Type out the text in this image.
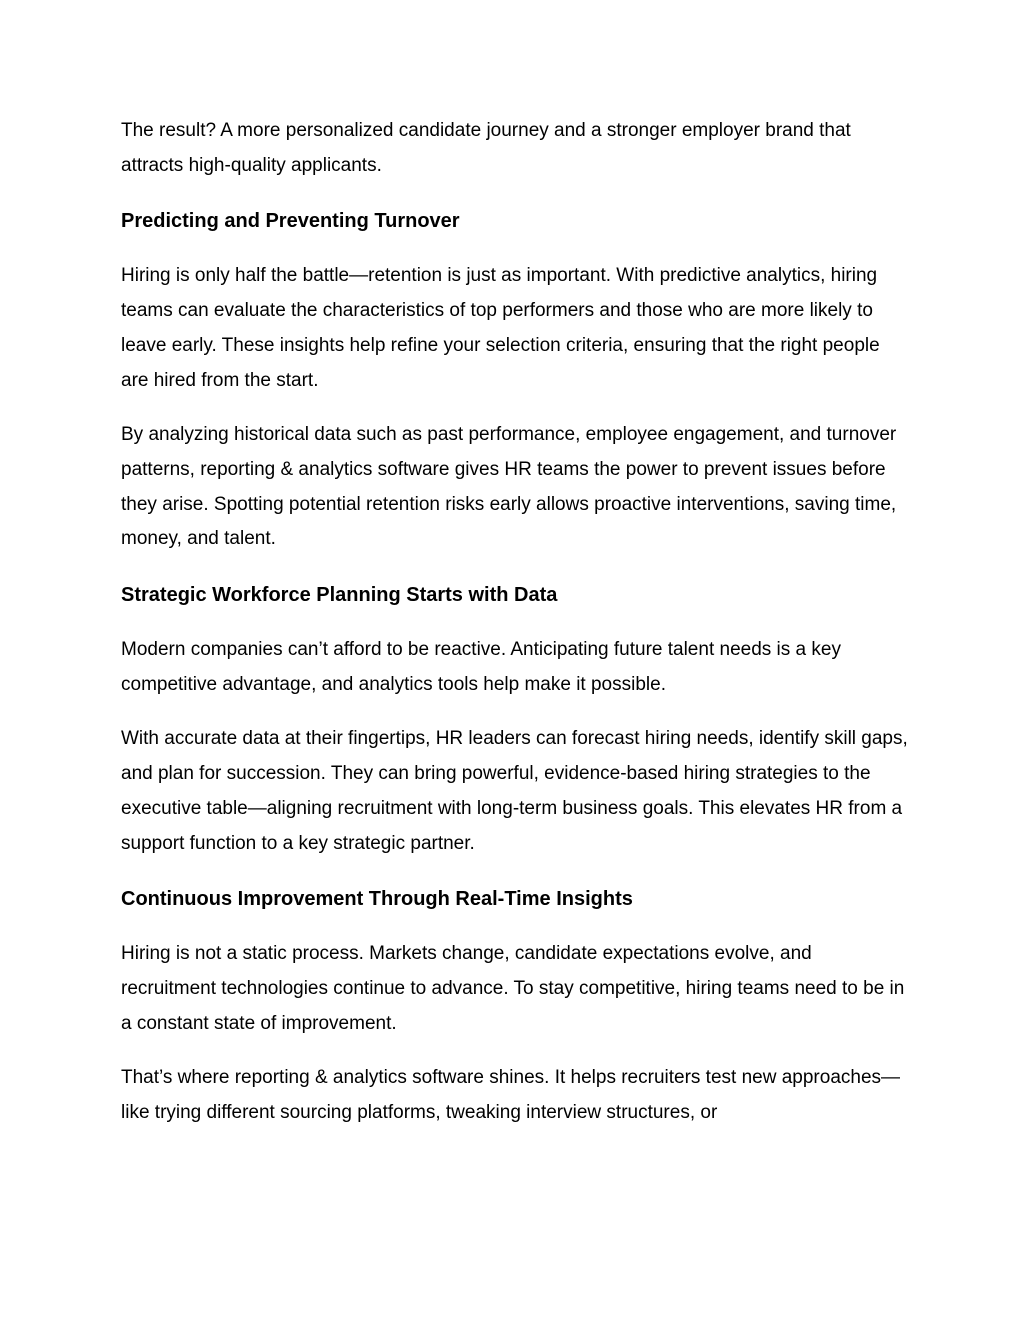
The result? A more personalized candidate journey and a stronger employer brand that attracts high-quality applicants.

Predicting and Preventing Turnover

Hiring is only half the battle—retention is just as important. With predictive analytics, hiring teams can evaluate the characteristics of top performers and those who are more likely to leave early. These insights help refine your selection criteria, ensuring that the right people are hired from the start.

By analyzing historical data such as past performance, employee engagement, and turnover patterns, reporting & analytics software gives HR teams the power to prevent issues before they arise. Spotting potential retention risks early allows proactive interventions, saving time, money, and talent.

Strategic Workforce Planning Starts with Data

Modern companies can’t afford to be reactive. Anticipating future talent needs is a key competitive advantage, and analytics tools help make it possible.

With accurate data at their fingertips, HR leaders can forecast hiring needs, identify skill gaps, and plan for succession. They can bring powerful, evidence-based hiring strategies to the executive table—aligning recruitment with long-term business goals. This elevates HR from a support function to a key strategic partner.

Continuous Improvement Through Real-Time Insights

Hiring is not a static process. Markets change, candidate expectations evolve, and recruitment technologies continue to advance. To stay competitive, hiring teams need to be in a constant state of improvement.

That’s where reporting & analytics software shines. It helps recruiters test new approaches—like trying different sourcing platforms, tweaking interview structures, or
